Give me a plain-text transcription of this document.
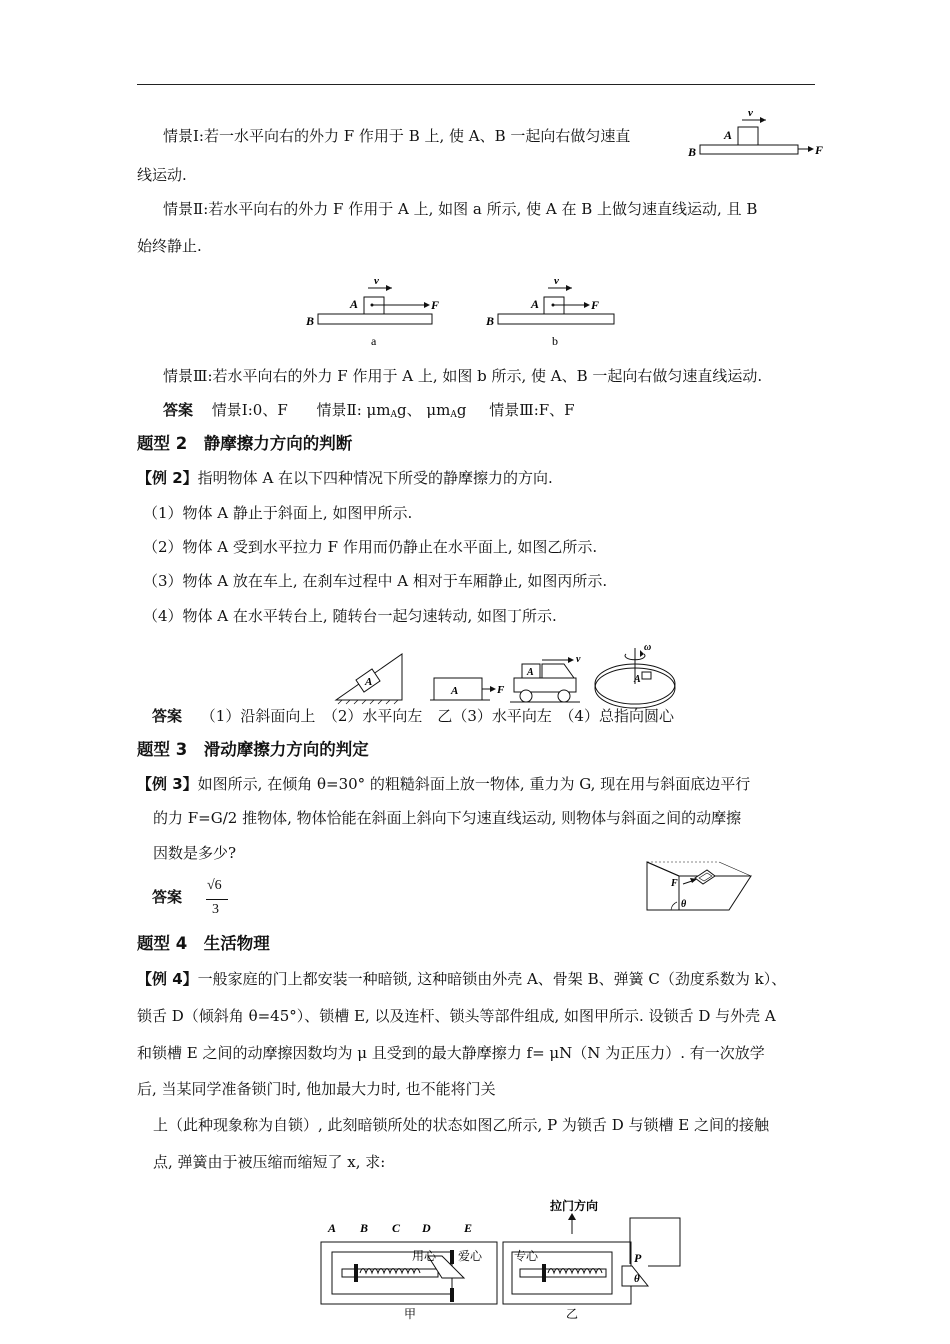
情景Ⅰ:若一水平向右的外力 F 作用于 B 上, 使 A、B 一起向右做匀速直
线运动.
v
A
B	F
情景Ⅱ:若水平向右的外力 F 作用于 A 上, 如图 a 所示, 使 A 在 B 上做匀速直线运动, 且 B
始终静止.
v
F
A
B
a
v
F
A
B
b
情景Ⅲ:若水平向右的外力 F 作用于 A 上, 如图 b 所示, 使 A、B 一起向右做匀速直线运动.
答案 情景Ⅰ:0、F 情景Ⅱ: $\mu m_Ag$、 $\mu m_Ag$ 情景Ⅲ:F、F
题型 2　静摩擦力方向的判断
【例 2】指明物体 A 在以下四种情况下所受的静摩擦力的方向.
（1）物体 A 静止于斜面上, 如图甲所示.
（2）物体 A 受到水平拉力 F 作用而仍静止在水平面上, 如图乙所示.
（3）物体 A 放在车上, 在刹车过程中 A 相对于车厢静止, 如图丙所示.
（4）物体 A 在水平转台上, 随转台一起匀速转动, 如图丁所示.
A
A	F
v
A
ω
A
答案 （1）沿斜面向上　（2）水平向左　乙（3）水平向左　（4）总指向圆心
题型 3　滑动摩擦力方向的判定
【例 3】如图所示, 在倾角 θ=30° 的粗糙斜面上放一物体, 重力为 G, 现在用与斜面底边平行
的力 F=G/2 推物体, 物体恰能在斜面上斜向下匀速直线运动, 则物体与斜面之间的动摩擦
因数是多少?
答案
√6
3
F
θ
题型 4　生活物理
【例 4】一般家庭的门上都安装一种暗锁, 这种暗锁由外壳 A、骨架 B、弹簧 C（劲度系数为 k）、
锁舌 D（倾斜角 θ=45°）、锁槽 E, 以及连杆、锁头等部件组成, 如图甲所示. 设锁舌 D 与外壳 A
和锁槽 E 之间的动摩擦因数均为 μ 且受到的最大静摩擦力 f= μN（N 为正压力）. 有一次放学
后, 当某同学准备锁门时, 他加最大力时, 也不能将门关
上（此种现象称为自锁）, 此刻暗锁所处的状态如图乙所示, P 为锁舌 D 与锁槽 E 之间的接触
点, 弹簧由于被压缩而缩短了 x, 求:
A B C D	E
用心 爱心
甲
拉门方向
P
θ
专心
乙
